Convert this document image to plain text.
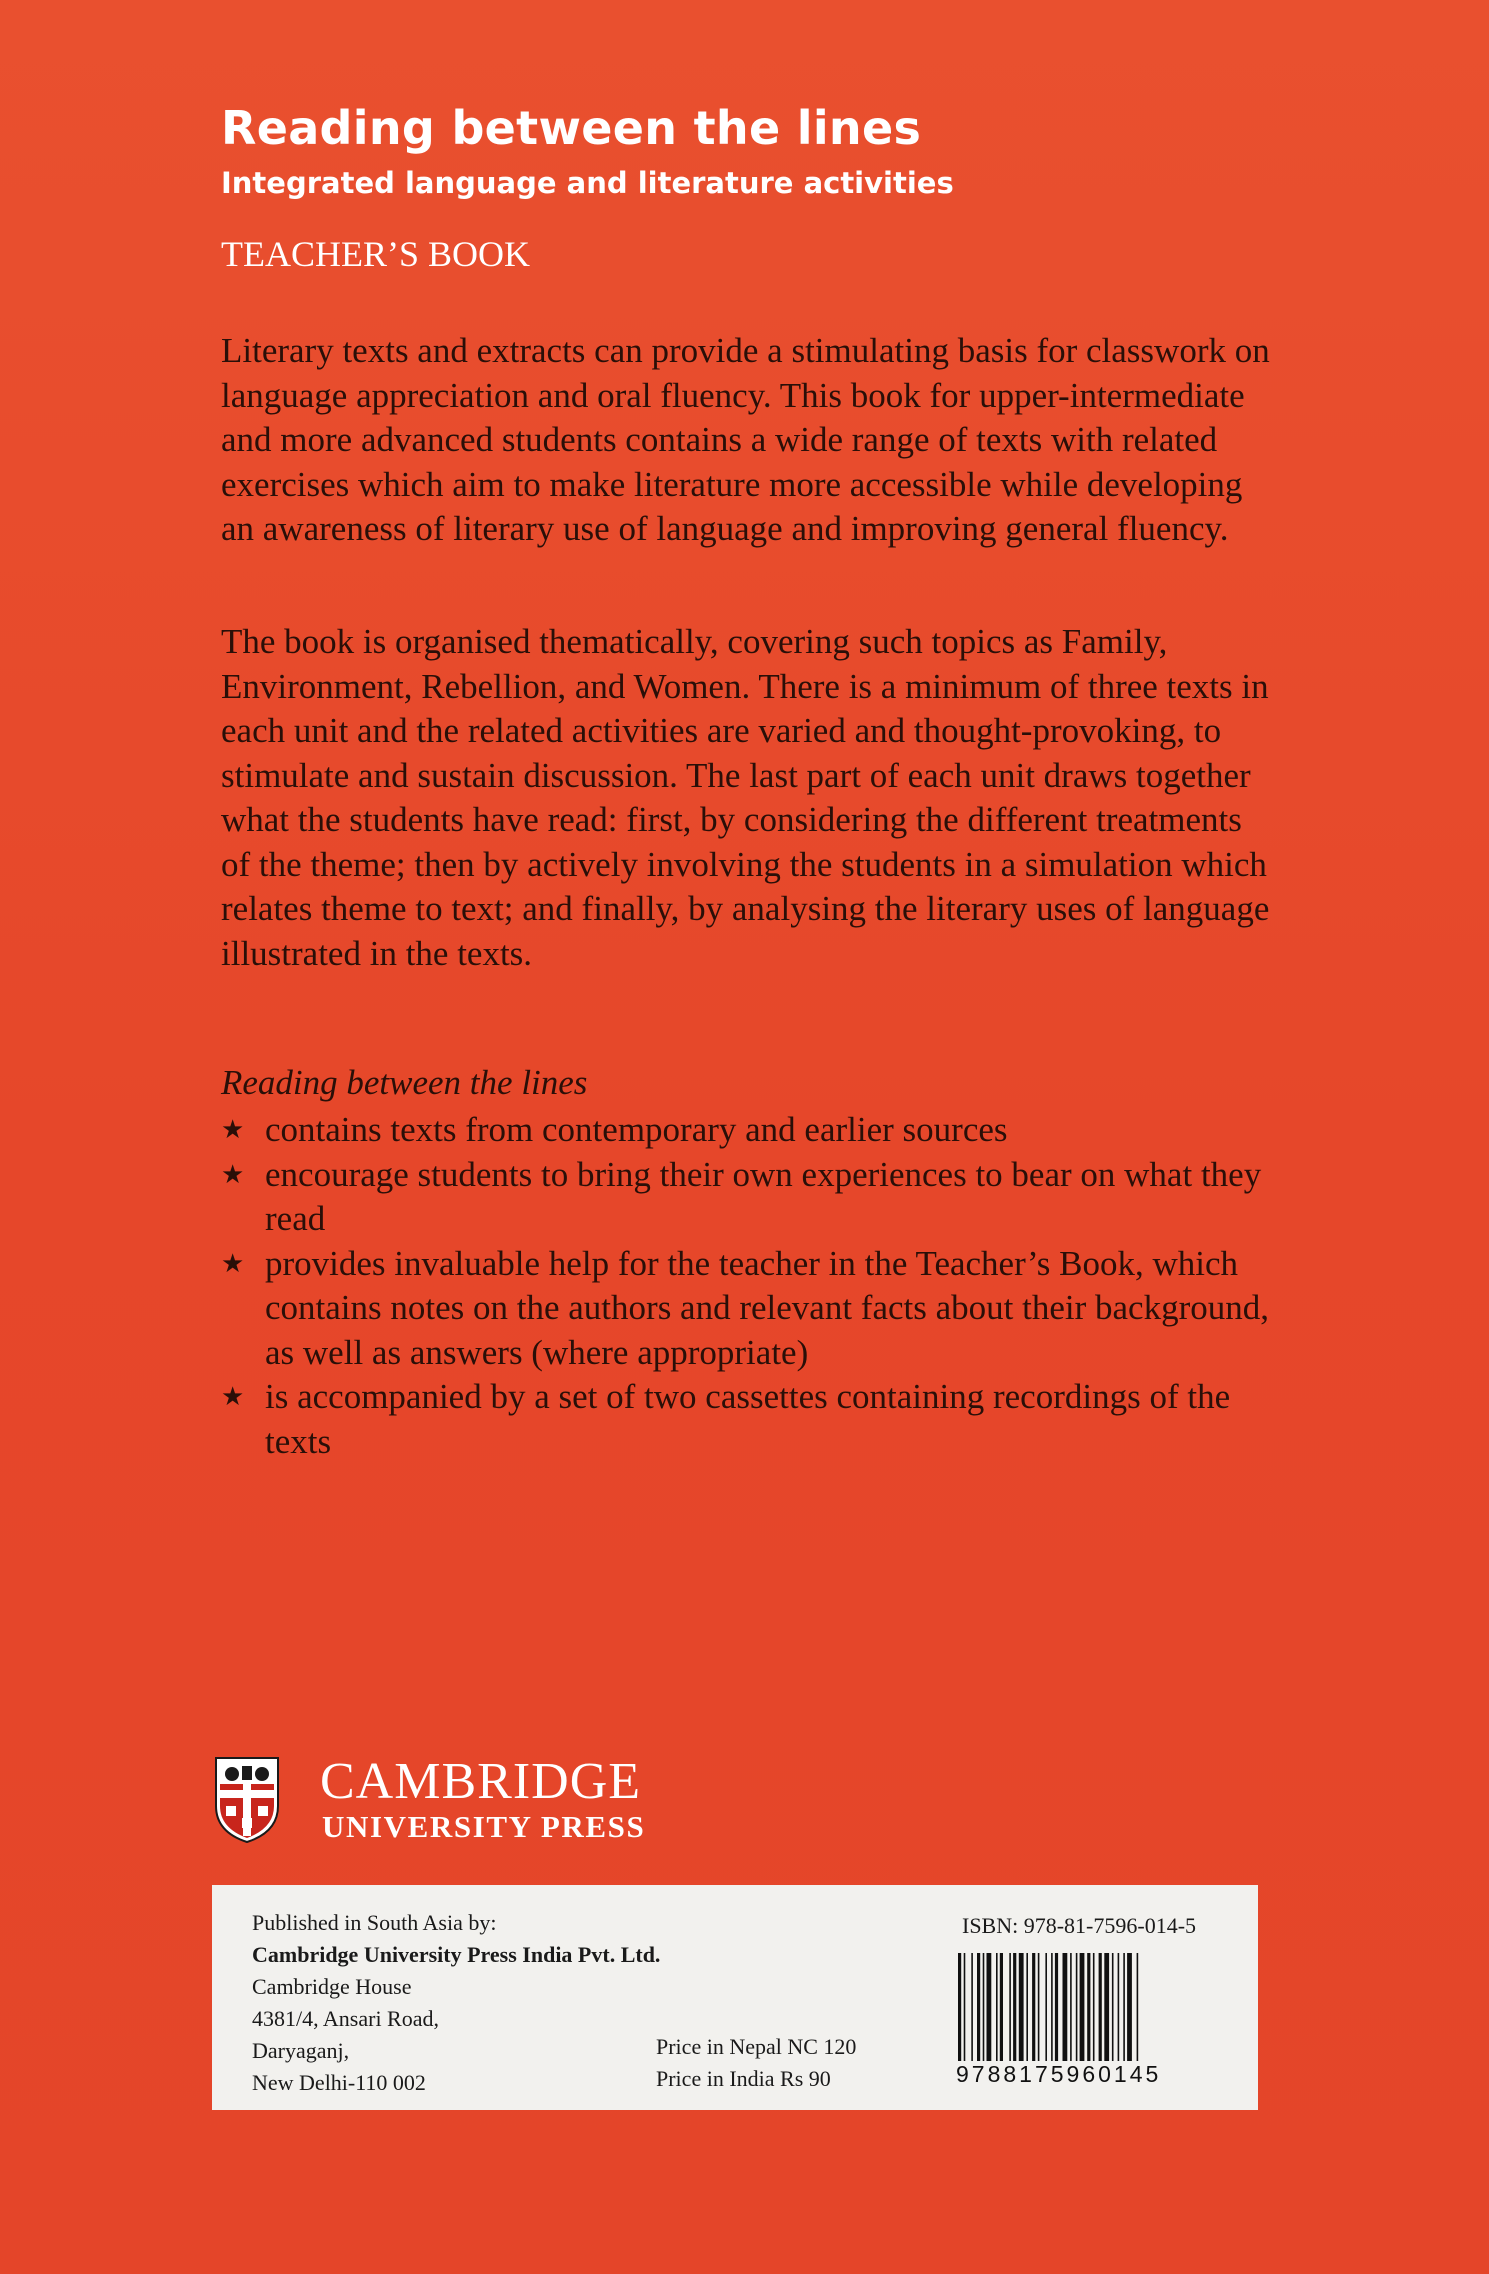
Reading between the lines
Integrated language and literature activities
TEACHER’S BOOK

Literary texts and extracts can provide a stimulating basis for classwork on language appreciation and oral fluency. This book for upper-intermediate and more advanced students contains a wide range of texts with related exercises which aim to make literature more accessible while developing an awareness of literary use of language and improving general fluency.

The book is organised thematically, covering such topics as Family, Environment, Rebellion, and Women. There is a minimum of three texts in each unit and the related activities are varied and thought-provoking, to stimulate and sustain discussion. The last part of each unit draws together what the students have read: first, by considering the different treatments of the theme; then by actively involving the students in a simulation which relates theme to text; and finally, by analysing the literary uses of language illustrated in the texts.

Reading between the lines
★ contains texts from contemporary and earlier sources
★ encourage students to bring their own experiences to bear on what they read
★ provides invaluable help for the teacher in the Teacher’s Book, which contains notes on the authors and relevant facts about their background, as well as answers (where appropriate)
★ is accompanied by a set of two cassettes containing recordings of the texts
CAMBRIDGE
UNIVERSITY PRESS
Published in South Asia by:
Cambridge University Press India Pvt. Ltd.
Cambridge House
4381/4, Ansari Road,
Daryaganj,
New Delhi-110 002
Price in Nepal NC 120
Price in India Rs 90
ISBN: 978-81-7596-014-5
9788175960145
